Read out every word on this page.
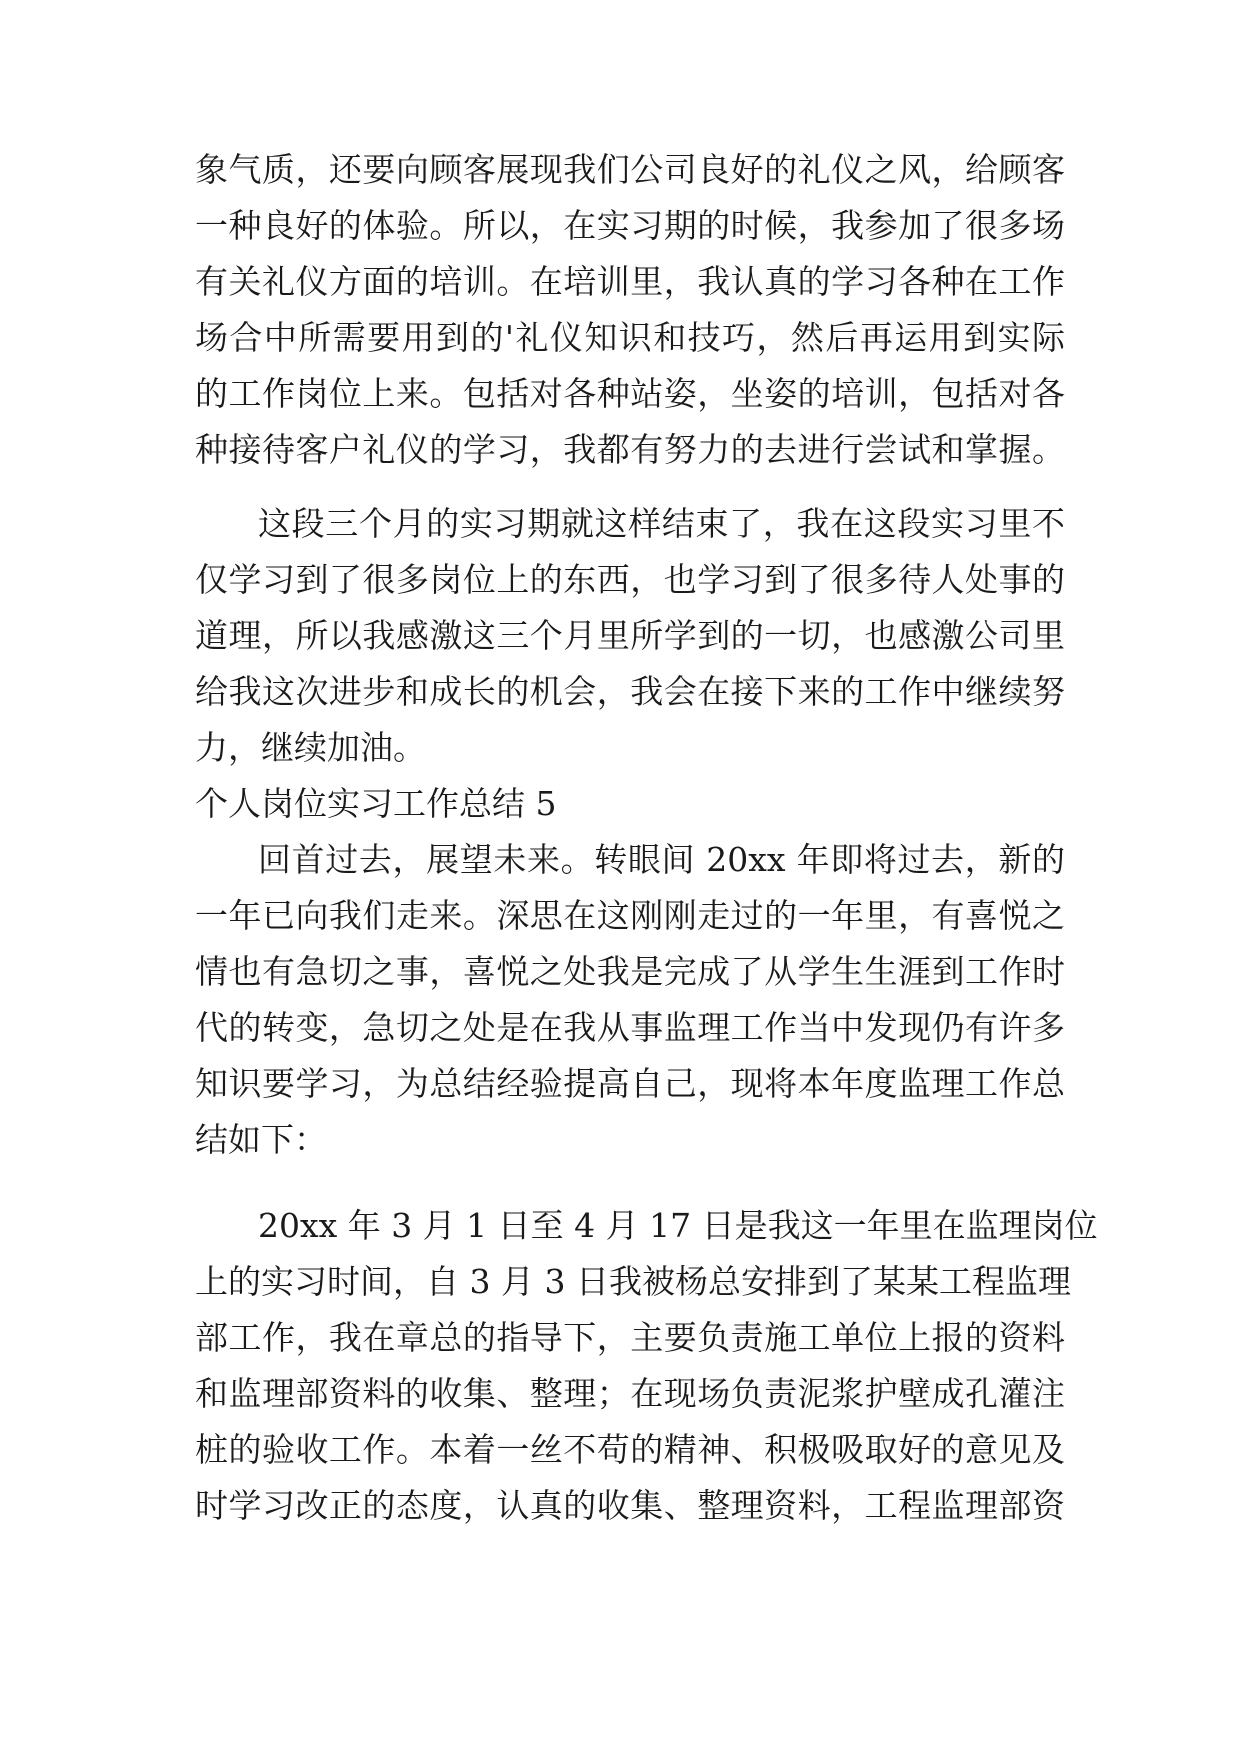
象气质，还要向顾客展现我们公司良好的礼仪之风，给顾客
一种良好的体验。所以，在实习期的时候，我参加了很多场
有关礼仪方面的培训。在培训里，我认真的学习各种在工作
场合中所需要用到的'礼仪知识和技巧，然后再运用到实际
的工作岗位上来。包括对各种站姿，坐姿的培训，包括对各
种接待客户礼仪的学习，我都有努力的去进行尝试和掌握。
这段三个月的实习期就这样结束了，我在这段实习里不
仅学习到了很多岗位上的东西，也学习到了很多待人处事的
道理，所以我感激这三个月里所学到的一切，也感激公司里
给我这次进步和成长的机会，我会在接下来的工作中继续努
力，继续加油。
个人岗位实习工作总结 5
回首过去，展望未来。转眼间 20xx 年即将过去，新的
一年已向我们走来。深思在这刚刚走过的一年里，有喜悦之
情也有急切之事，喜悦之处我是完成了从学生生涯到工作时
代的转变，急切之处是在我从事监理工作当中发现仍有许多
知识要学习，为总结经验提高自己，现将本年度监理工作总
结如下：
20xx 年 3 月 1 日至 4 月 17 日是我这一年里在监理岗位
上的实习时间，自 3 月 3 日我被杨总安排到了某某工程监理
部工作，我在章总的指导下，主要负责施工单位上报的资料
和监理部资料的收集、整理；在现场负责泥浆护壁成孔灌注
桩的验收工作。本着一丝不苟的精神、积极吸取好的意见及
时学习改正的态度，认真的收集、整理资料，工程监理部资
